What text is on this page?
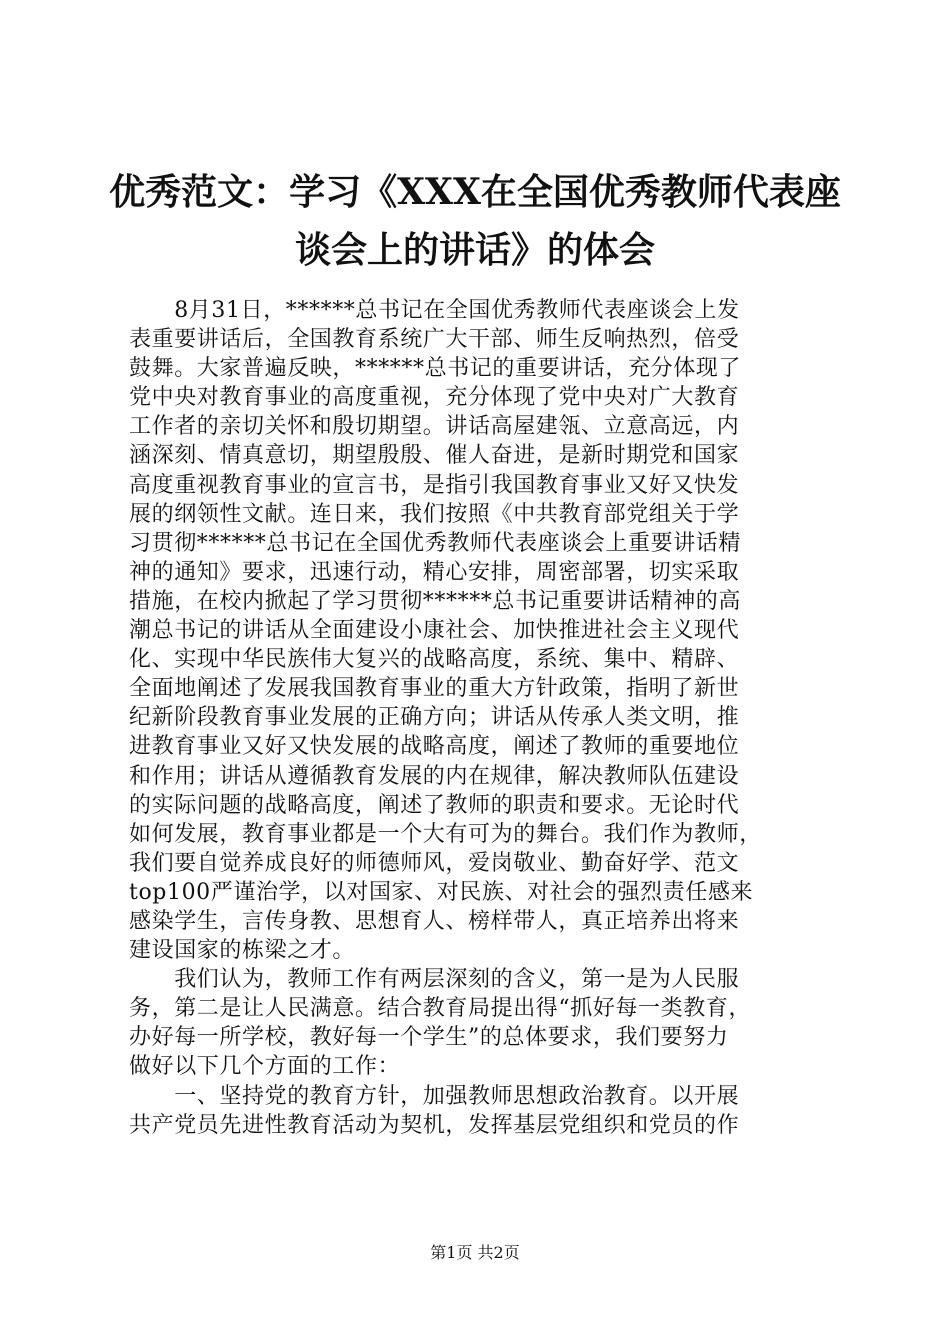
优秀范文：学习《XXX在全国优秀教师代表座
谈会上的讲话》的体会
　　8月31日，******总书记在全国优秀教师代表座谈会上发
表重要讲话后，全国教育系统广大干部、师生反响热烈，倍受
鼓舞。大家普遍反映，******总书记的重要讲话，充分体现了
党中央对教育事业的高度重视，充分体现了党中央对广大教育
工作者的亲切关怀和殷切期望。讲话高屋建瓴、立意高远，内
涵深刻、情真意切，期望殷殷、催人奋进，是新时期党和国家
高度重视教育事业的宣言书，是指引我国教育事业又好又快发
展的纲领性文献。连日来，我们按照《中共教育部党组关于学
习贯彻******总书记在全国优秀教师代表座谈会上重要讲话精
神的通知》要求，迅速行动，精心安排，周密部署，切实采取
措施，在校内掀起了学习贯彻******总书记重要讲话精神的高
潮总书记的讲话从全面建设小康社会、加快推进社会主义现代
化、实现中华民族伟大复兴的战略高度，系统、集中、精辟、
全面地阐述了发展我国教育事业的重大方针政策，指明了新世
纪新阶段教育事业发展的正确方向；讲话从传承人类文明，推
进教育事业又好又快发展的战略高度，阐述了教师的重要地位
和作用；讲话从遵循教育发展的内在规律，解决教师队伍建设
的实际问题的战略高度，阐述了教师的职责和要求。无论时代
如何发展，教育事业都是一个大有可为的舞台。我们作为教师，
我们要自觉养成良好的师德师风，爱岗敬业、勤奋好学、范文
top100严谨治学，以对国家、对民族、对社会的强烈责任感来
感染学生，言传身教、思想育人、榜样带人，真正培养出将来
建设国家的栋梁之才。
　　我们认为，教师工作有两层深刻的含义，第一是为人民服
务，第二是让人民满意。结合教育局提出得“抓好每一类教育，
办好每一所学校，教好每一个学生”的总体要求，我们要努力
做好以下几个方面的工作：
　　一、坚持党的教育方针，加强教师思想政治教育。以开展
共产党员先进性教育活动为契机，发挥基层党组织和党员的作
第1页 共2页
